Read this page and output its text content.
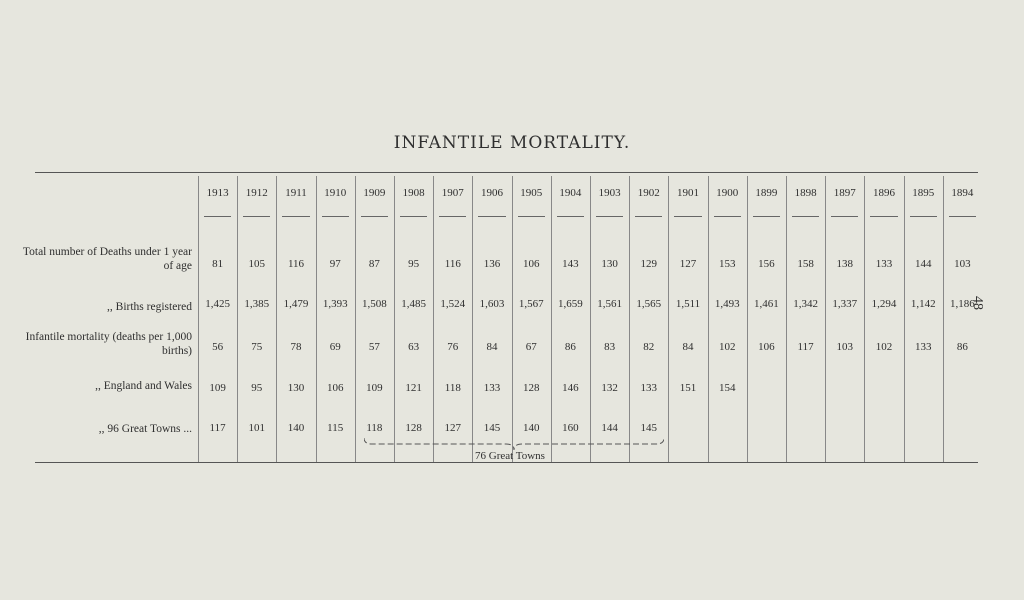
INFANTILE MORTALITY.
48
1913
81
1,425
56
109
117
1912
105
1,385
75
95
101
1911
116
1,479
78
130
140
1910
97
1,393
69
106
115
1909
87
1,508
57
109
118
1908
95
1,485
63
121
128
1907
116
1,524
76
118
127
1906
136
1,603
84
133
145
1905
106
1,567
67
128
140
1904
143
1,659
86
146
160
1903
130
1,561
83
132
144
1902
129
1,565
82
133
145
1901
127
1,511
84
151
1900
153
1,493
102
154
1899
156
1,461
106
1898
158
1,342
117
1897
138
1,337
103
1896
133
1,294
102
1895
144
1,142
133
1894
103
1,186
86
Total number of Deaths under 1 year of age
,, Births registered
Infantile mortality (deaths per 1,000 births)
,, England and Wales
,, 96 Great Towns ...
76 Great Towns
